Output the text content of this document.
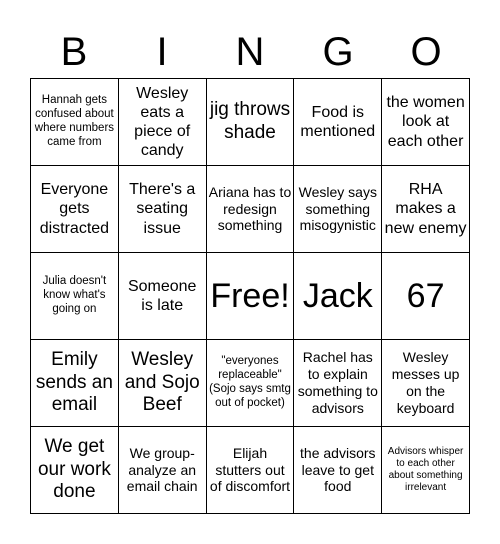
B	I	N	G	O
Hannah gets confused about where numbers came from
Wesley eats a piece of candy
jig throws shade
Food is mentioned
the women look at each other
Everyone gets distracted
There's a seating issue
Ariana has to redesign something
Wesley says something misogynistic
RHA makes a new enemy
Julia doesn't know what's going on
Someone is late Free! Jack 67
Emily sends an email
Wesley and Sojo Beef
"everyones replaceable" (Sojo says smtg out of pocket)
Rachel has to explain something to advisors
Wesley messes up on the keyboard
We get our work done
We group-analyze an email chain
Elijah stutters out of discomfort
the advisors leave to get food
Advisors whisper to each other about something irrelevant
